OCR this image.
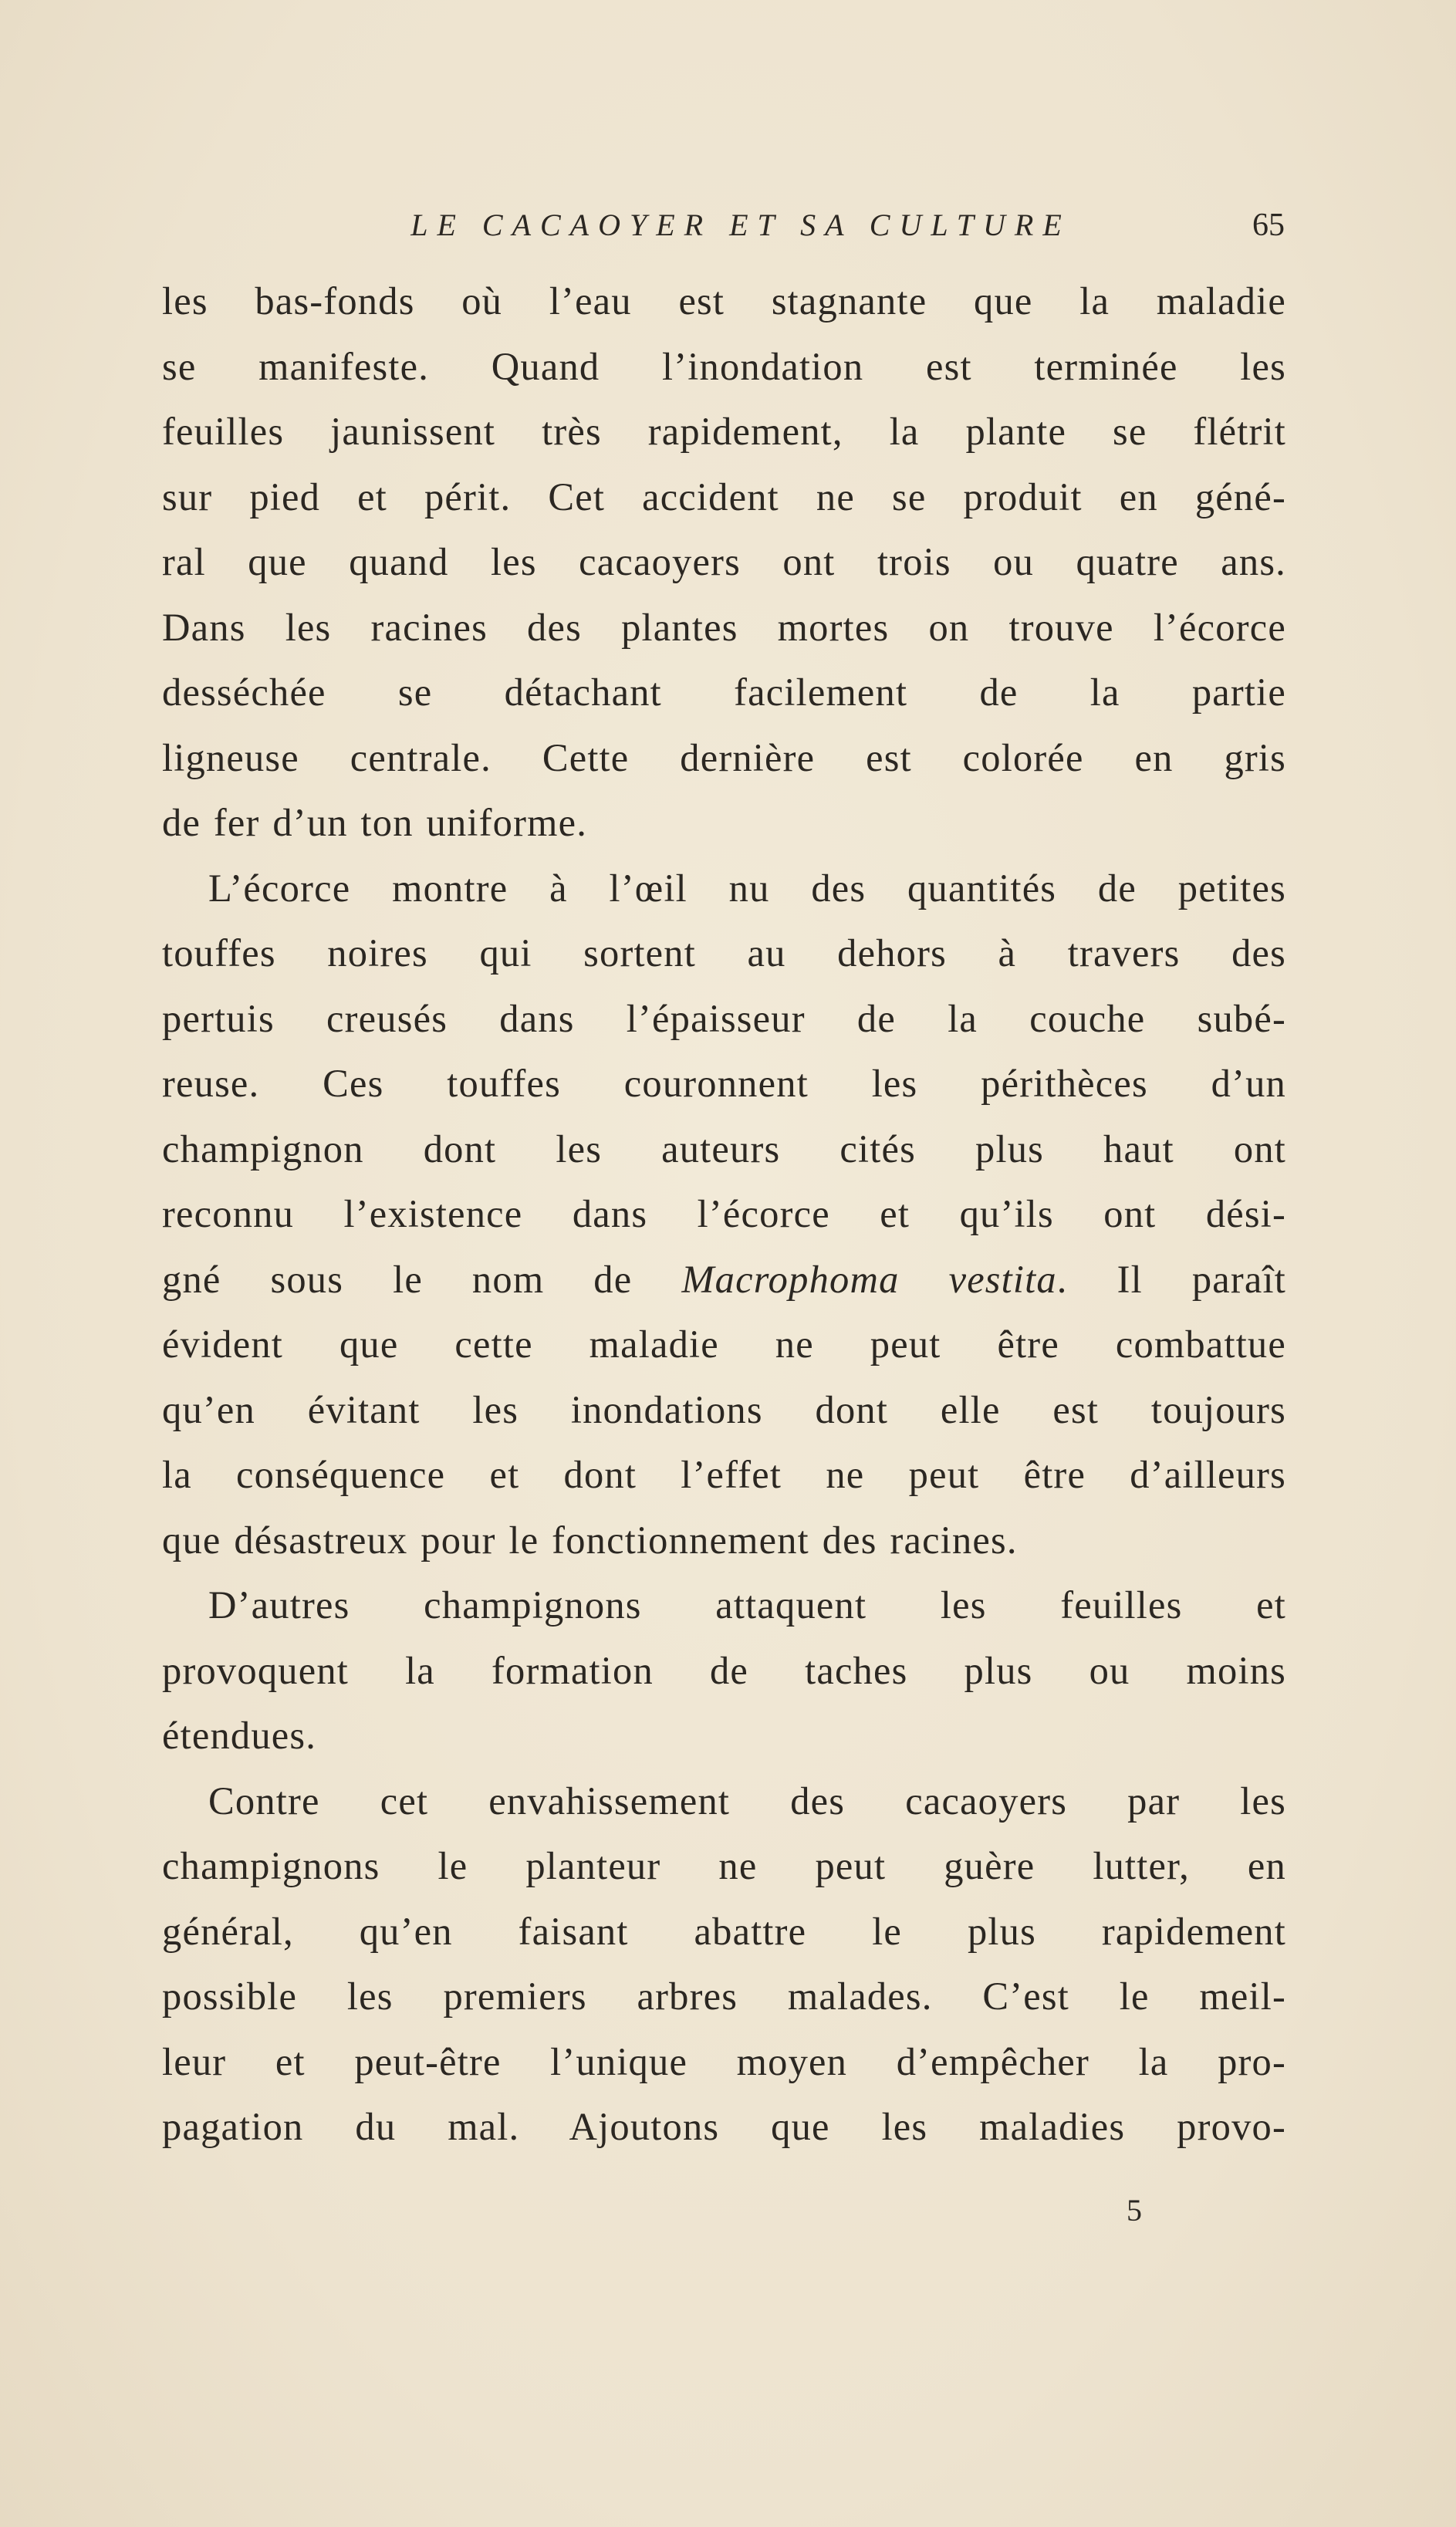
LE CACAOYER ET SA CULTURE	65
les bas-fonds où l’eau est stagnante que la maladie
se manifeste. Quand l’inondation est terminée les
feuilles jaunissent très rapidement, la plante se flétrit
sur pied et périt. Cet accident ne se produit en géné-
ral que quand les cacaoyers ont trois ou quatre ans.
Dans les racines des plantes mortes on trouve l’écorce
desséchée se détachant facilement de la partie
ligneuse centrale. Cette dernière est colorée en gris
de fer d’un ton uniforme.
L’écorce montre à l’œil nu des quantités de petites
touffes noires qui sortent au dehors à travers des
pertuis creusés dans l’épaisseur de la couche subé-
reuse. Ces touffes couronnent les périthèces d’un
champignon dont les auteurs cités plus haut ont
reconnu l’existence dans l’écorce et qu’ils ont dési-
gné sous le nom de Macrophoma vestita. Il paraît
évident que cette maladie ne peut être combattue
qu’en évitant les inondations dont elle est toujours
la conséquence et dont l’effet ne peut être d’ailleurs
que désastreux pour le fonctionnement des racines.
D’autres champignons attaquent les feuilles et
provoquent la formation de taches plus ou moins
étendues.
Contre cet envahissement des cacaoyers par les
champignons le planteur ne peut guère lutter, en
général, qu’en faisant abattre le plus rapidement
possible les premiers arbres malades. C’est le meil-
leur et peut-être l’unique moyen d’empêcher la pro-
pagation du mal. Ajoutons que les maladies provo-
5
